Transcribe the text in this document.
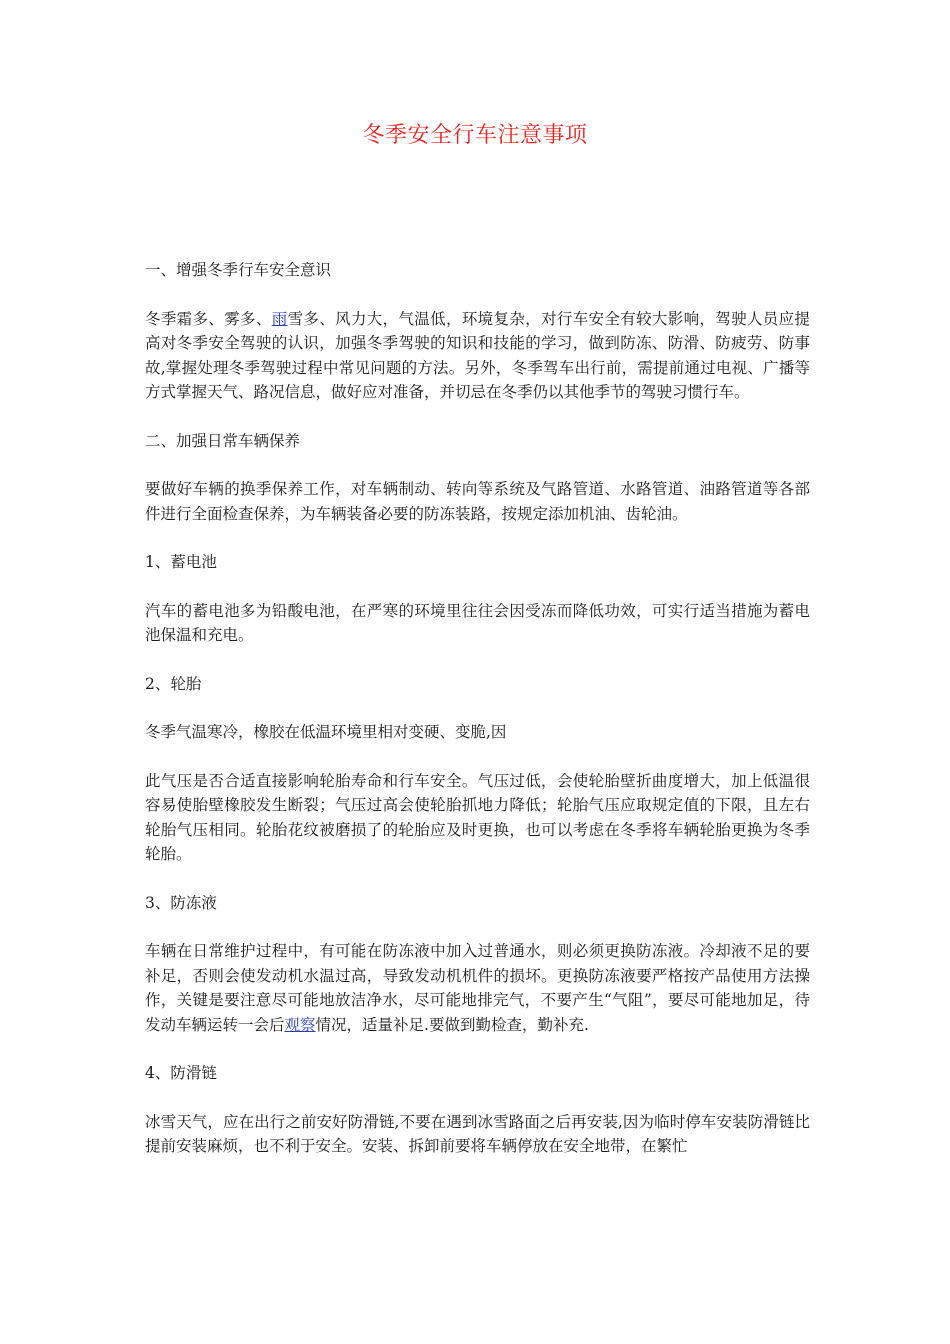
冬季安全行车注意事项

一、增强冬季行车安全意识

冬季霜多、雾多、雨雪多、风力大，气温低，环境复杂，对行车安全有较大影响，驾驶人员应提高对冬季安全驾驶的认识，加强冬季驾驶的知识和技能的学习，做到防冻、防滑、防疲劳、防事故,掌握处理冬季驾驶过程中常见问题的方法。另外，冬季驾车出行前，需提前通过电视、广播等方式掌握天气、路况信息，做好应对准备，并切忌在冬季仍以其他季节的驾驶习惯行车。

二、加强日常车辆保养

要做好车辆的换季保养工作，对车辆制动、转向等系统及气路管道、水路管道、油路管道等各部件进行全面检查保养，为车辆装备必要的防冻装路，按规定添加机油、齿轮油。

1、蓄电池

汽车的蓄电池多为铅酸电池，在严寒的环境里往往会因受冻而降低功效，可实行适当措施为蓄电池保温和充电。

2、轮胎

冬季气温寒冷，橡胶在低温环境里相对变硬、变脆,因

此气压是否合适直接影响轮胎寿命和行车安全。气压过低，会使轮胎壁折曲度增大，加上低温很容易使胎壁橡胶发生断裂；气压过高会使轮胎抓地力降低；轮胎气压应取规定值的下限，且左右轮胎气压相同。轮胎花纹被磨损了的轮胎应及时更换，也可以考虑在冬季将车辆轮胎更换为冬季轮胎。

3、防冻液

车辆在日常维护过程中，有可能在防冻液中加入过普通水，则必须更换防冻液。冷却液不足的要补足，否则会使发动机水温过高，导致发动机机件的损坏。更换防冻液要严格按产品使用方法操作，关键是要注意尽可能地放洁净水，尽可能地排完气，不要产生“气阻”，要尽可能地加足，待发动车辆运转一会后观察情况，适量补足.要做到勤检查，勤补充.

4、防滑链

冰雪天气，应在出行之前安好防滑链,不要在遇到冰雪路面之后再安装,因为临时停车安装防滑链比提前安装麻烦，也不利于安全。安装、拆卸前要将车辆停放在安全地带，在繁忙
